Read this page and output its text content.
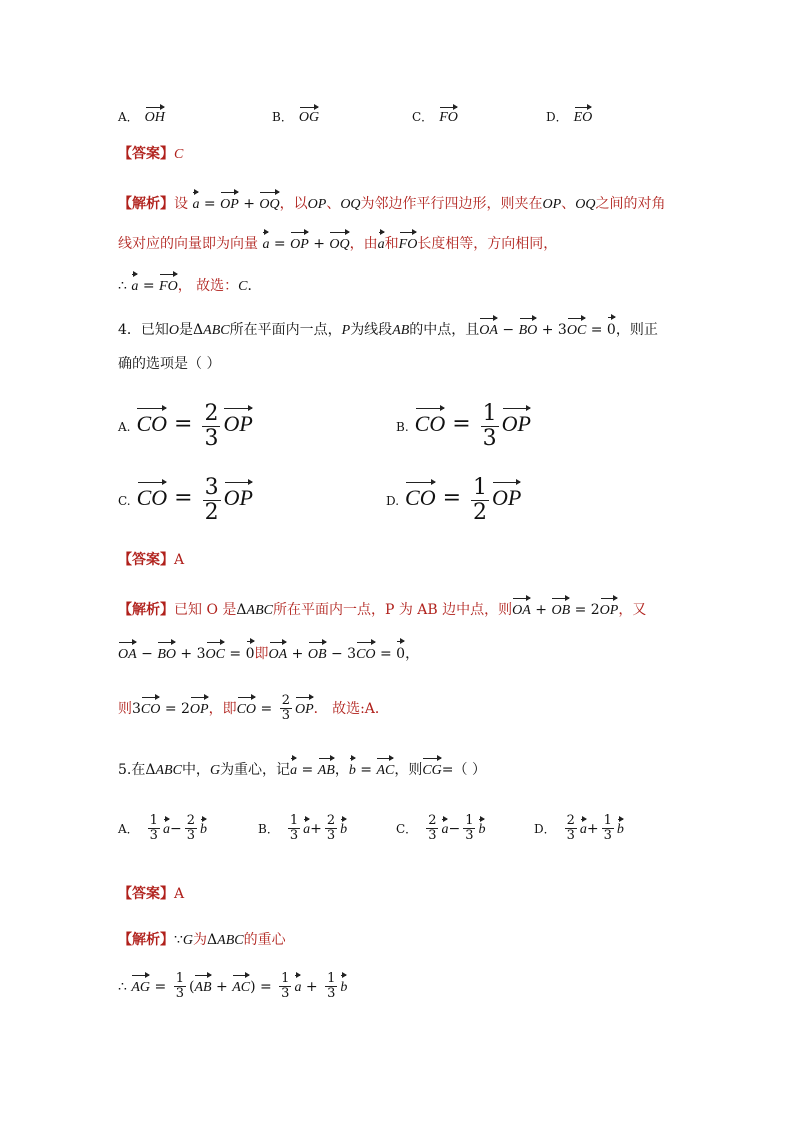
A． OH	B． OG	C． FO	D． EO
【答案】C
【解析】设 a = OP + OQ，以OP、OQ为邻边作平行四边形，则夹在OP、OQ之间的对角
线对应的向量即为向量 a = OP + OQ，由a和FO长度相等，方向相同，
∴ a = FO， 故选：C．
4．已知O是ΔABC所在平面内一点，P为线段AB的中点，且OA − BO + 3OC = 0，则正
确的选项是（ ）
A. CO = $\frac{2}{3}$ OP	B. CO = $\frac{1}{3}$ OP
C. CO = $\frac{3}{2}$ OP	D. CO = $\frac{1}{2}$ OP
【答案】A
【解析】已知 O 是ΔABC所在平面内一点，P 为 AB 边中点，则OA + OB = 2OP，又
OA − BO + 3OC = 0即OA + OB − 3CO = 0，
则3CO = 2OP，即CO = $\frac{2}{3}$ OP． 故选:A．
5.在ΔABC中，G为重心，记a = AB，b = AC，则CG=（ ）
A． $\frac{1}{3} a- \frac{2}{3}$ b	B． $\frac{1}{3} a+ \frac{2}{3}$ b	C． $\frac{2}{3} a- \frac{1}{3}$ b	D． $\frac{2}{3} a+ \frac{1}{3}$ b
【答案】A
【解析】∵G为ΔABC的重心
∴ AG = $\frac{1}{3} (AB + AC) = \frac{1}{3}$ $a + \frac{1}{3}$ b
